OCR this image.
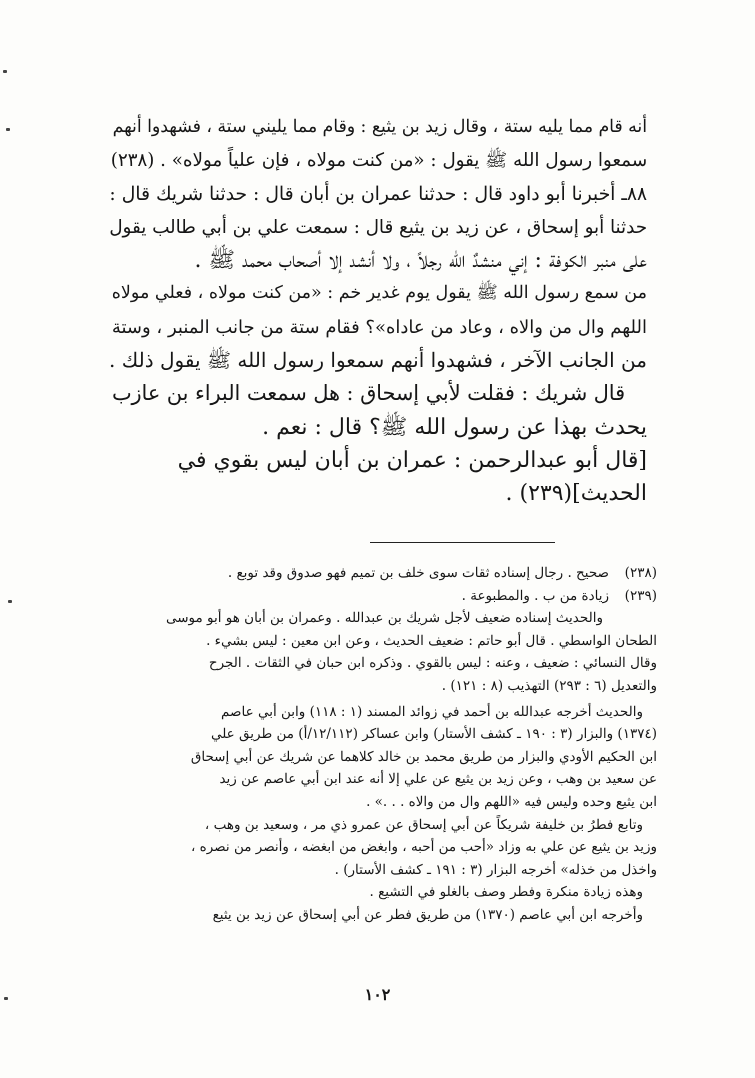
أنه قام مما يليه ستة ، وقال زيد بن يثيع : وقام مما يليني ستة ، فشهدوا أنهم

سمعوا رسول الله ﷺ يقول : «من كنت مولاه ، فإن علياً مولاه» . (٢٣٨)

٨٨ـ أخبرنا أبو داود قال : حدثنا عمران بن أبان قال : حدثنا شريك قال :

حدثنا أبو إسحاق ، عن زيد بن يثيع قال : سمعت علي بن أبي طالب يقول

على منبر الكوفة : إني منشدٌ الله رجلاً ، ولا أنشد إلا أصحاب محمد ﷺ .

من سمع رسول الله ﷺ يقول يوم غدير خم : «من كنت مولاه ، فعلي مولاه

اللهم وال من والاه ، وعاد من عاداه»؟ فقام ستة من جانب المنبر ، وستة

من الجانب الآخر ، فشهدوا أنهم سمعوا رسول الله ﷺ يقول ذلك .

قال شريك : فقلت لأبي إسحاق : هل سمعت البراء بن عازب

يحدث بهذا عن رسول الله ﷺ؟ قال : نعم .

[قال أبو عبدالرحمن : عمران بن أبان ليس بقوي في

الحديث](٢٣٩) .

(٢٣٨)صحيح . رجال إسناده ثقات سوى خلف بن تميم فهو صدوق وقد توبع .

(٢٣٩)زيادة من ب . والمطبوعة .

والحديث إسناده ضعيف لأجل شريك بن عبدالله . وعمران بن أبان هو أبو موسى

الطحان الواسطي . قال أبو حاتم : ضعيف الحديث ، وعن ابن معين : ليس بشيء .

وقال النسائي : ضعيف ، وعنه : ليس بالقوي . وذكره ابن حبان في الثقات . الجرح

والتعديل (٦ : ٢٩٣) التهذيب (٨ : ١٢١) .

والحديث أخرجه عبدالله بن أحمد في زوائد المسند (١ : ١١٨) وابن أبي عاصم

(١٣٧٤) والبزار (٣ : ١٩٠ ـ كشف الأستار) وابن عساكر (١٢/١١٢/أ) من طريق علي

ابن الحكيم الأودي والبزار من طريق محمد بن خالد كلاهما عن شريك عن أبي إسحاق

عن سعيد بن وهب ، وعن زيد بن يثيع عن علي إلا أنه عند ابن أبي عاصم عن زيد

ابن يثيع وحده وليس فيه «اللهم وال من والاه . . .» .

وتابع فطرُ بن خليفة شريكاً عن أبي إسحاق عن عمرو ذي مر ، وسعيد بن وهب ،

وزيد بن يثيع عن علي به وزاد «أحب من أحبه ، وابغض من ابغضه ، وأنصر من نصره ،

واخذل من خذله» أخرجه البزار (٣ : ١٩١ ـ كشف الأستار) .

وهذه زيادة منكرة وفطر وصف بالغلو في التشيع .

وأخرجه ابن أبي عاصم (١٣٧٠) من طريق فطر عن أبي إسحاق عن زيد بن يثيع

١٠٢
